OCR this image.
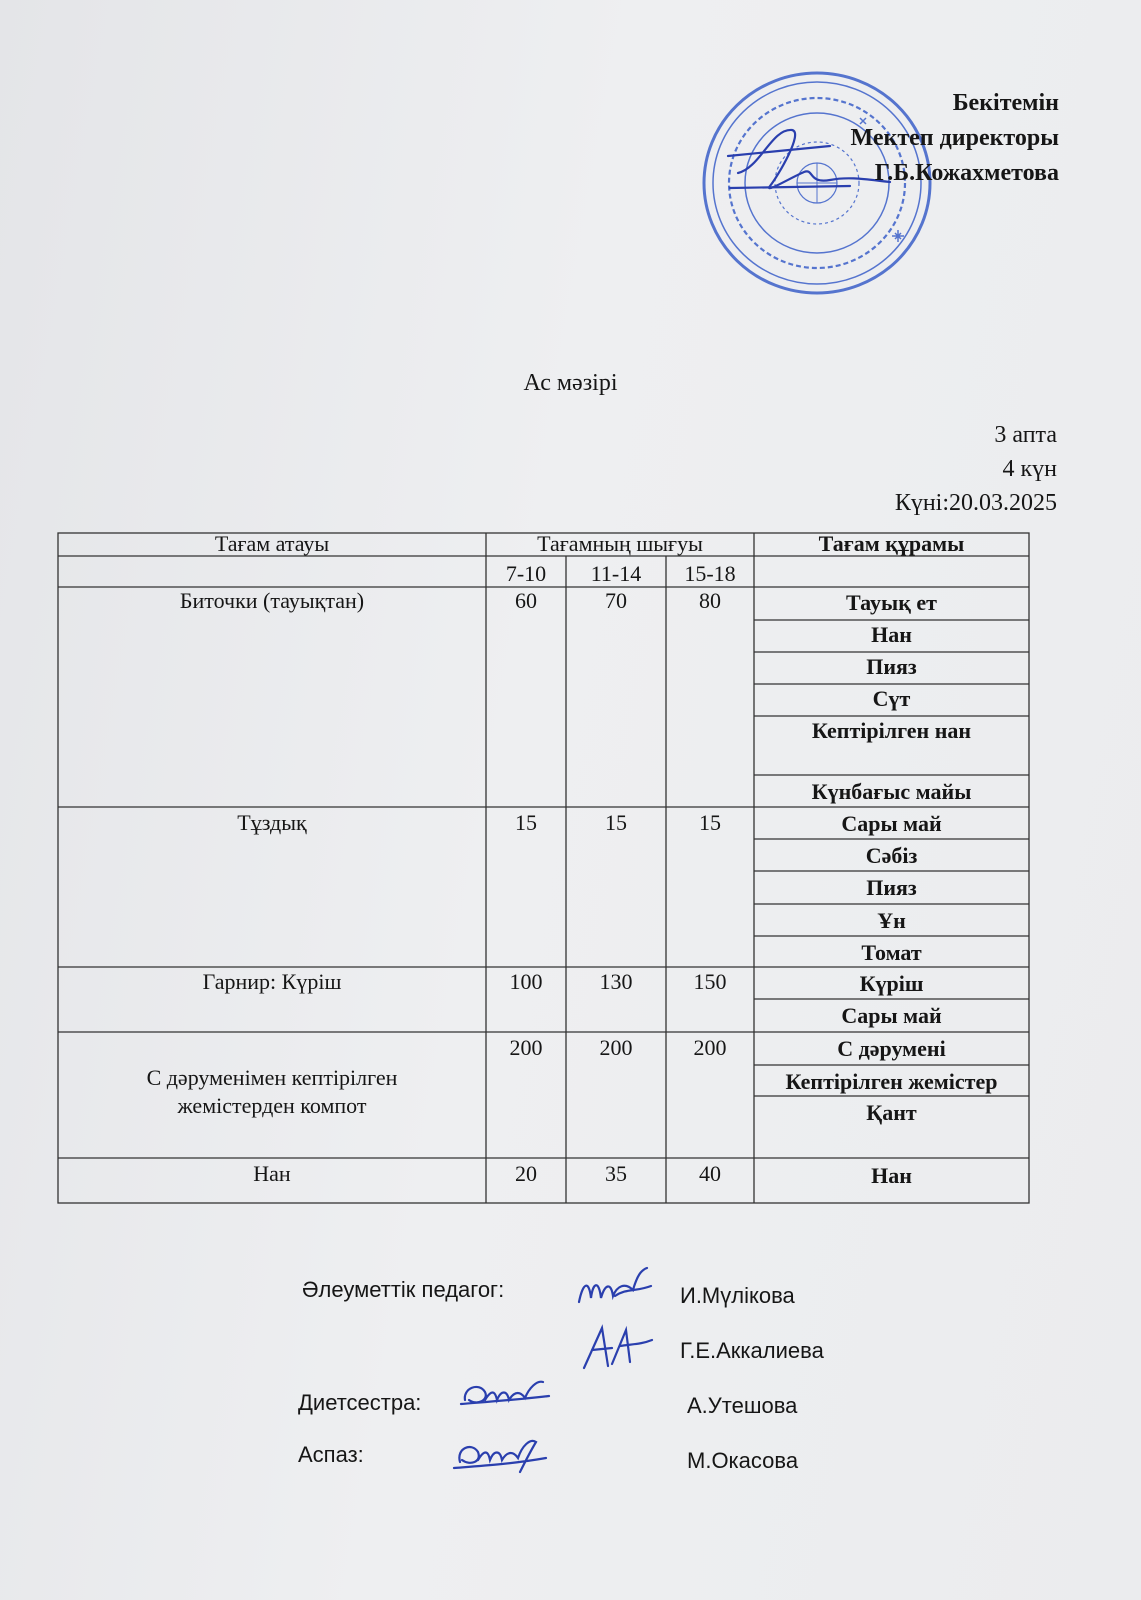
Бекітемін
Мектеп директоры
Г.Б.Кожахметова
Ас мәзірі
3 апта
4 күн
Күні:20.03.2025
Тағам атауы	Тағамның шығуы	Тағам құрамы
7-10	11-14	15-18
Биточки (тауықтан)	60	70	80	Тауық ет
Нан
Пияз
Сүт
Кептірілген нан
Күнбағыс майы
Тұздық	15	15	15	Сары май
Сәбіз
Пияз
Ұн
Томат
Гарнир: Күріш	100	130	150	Күріш
Сары май
С дәруменімен кептірілген
жемістерден компот
200	200	200	С дәрумені
Кептірілген жемістер
Қант
Нан	20	35	40	Нан
Әлеуметтік педагог:	И.Мүлікова
Г.Е.Аккалиева
Диетсестра:	А.Утешова
Аспаз:	М.Окасова
